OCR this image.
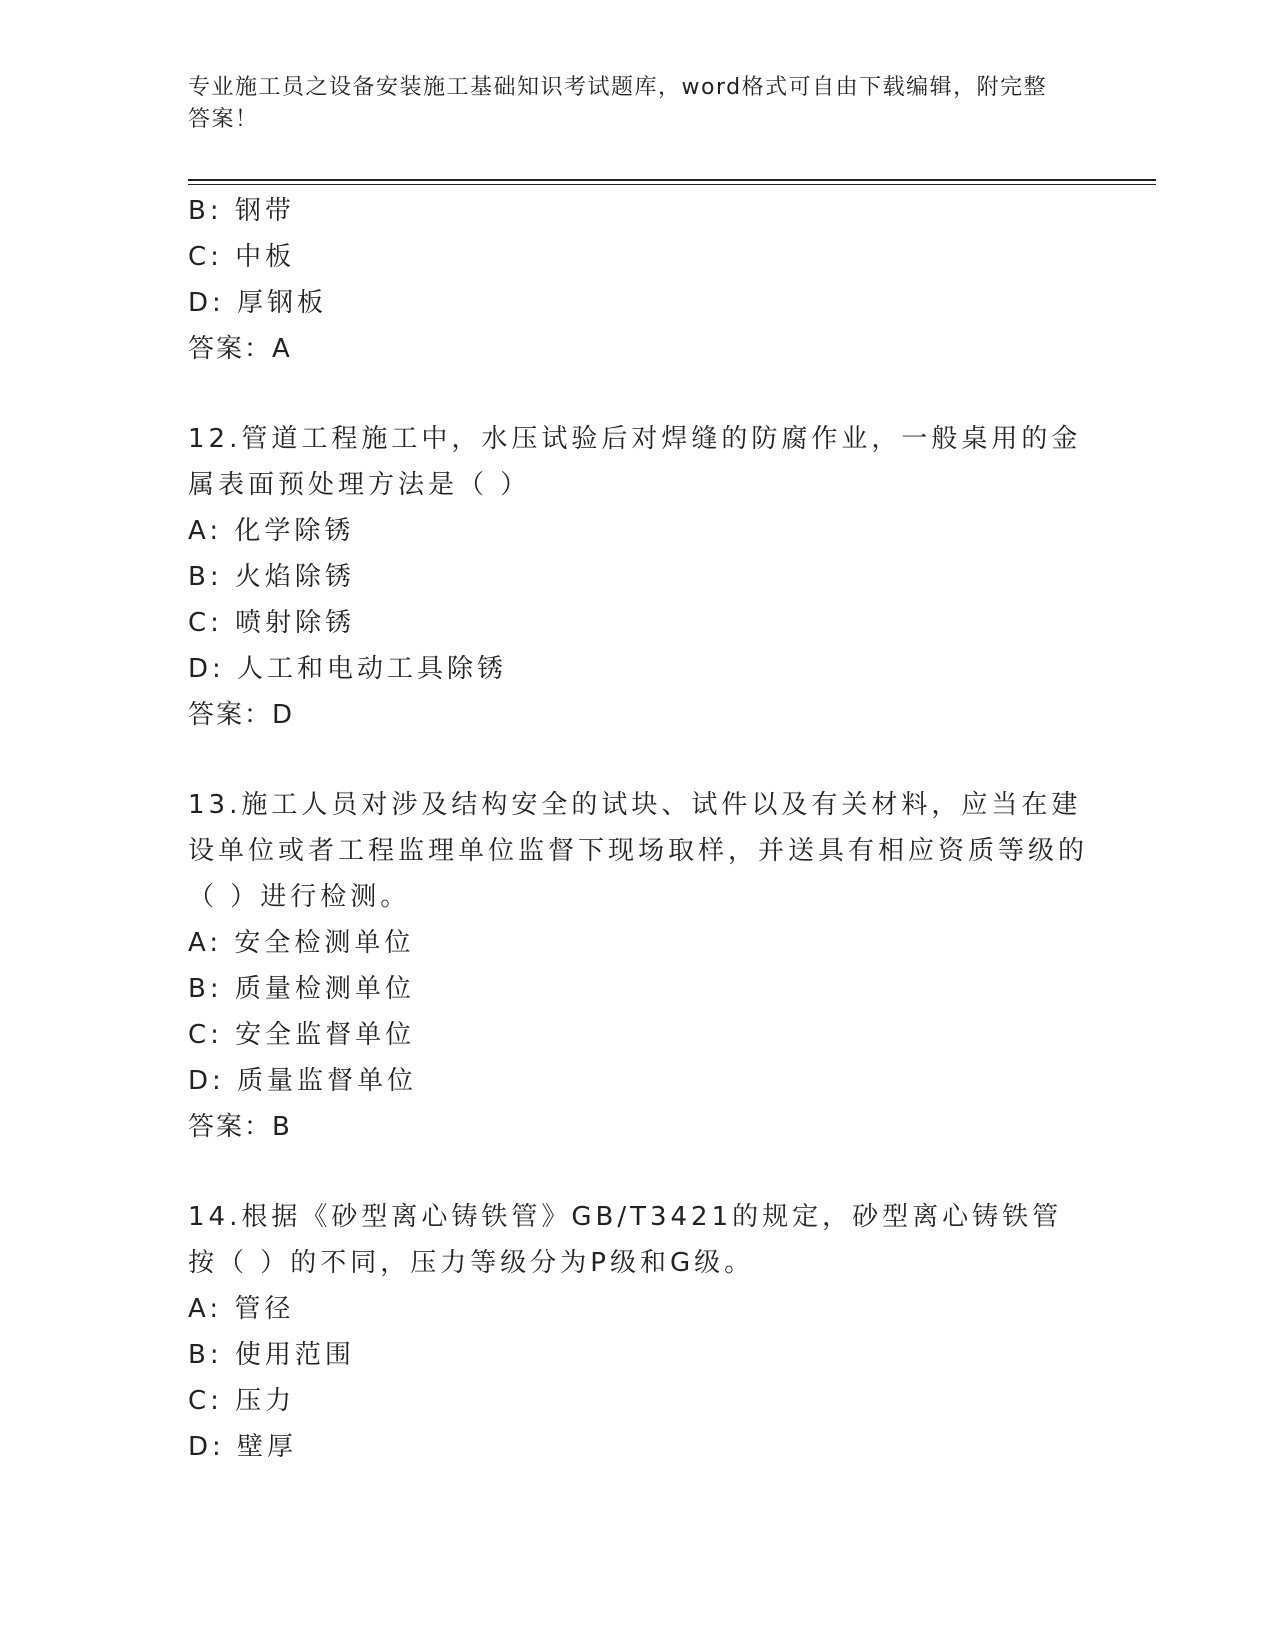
专业施工员之设备安装施工基础知识考试题库，word格式可自由下载编辑，附完整答案！
B: 钢带
C: 中板
D: 厚钢板
答案：A
12.管道工程施工中，水压试验后对焊缝的防腐作业，一般桌用的金属表面预处理方法是（ ）
A: 化学除锈
B: 火焰除锈
C: 喷射除锈
D: 人工和电动工具除锈
答案：D
13.施工人员对涉及结构安全的试块、试件以及有关材料，应当在建设单位或者工程监理单位监督下现场取样，并送具有相应资质等级的（ ）进行检测。
A: 安全检测单位
B: 质量检测单位
C: 安全监督单位
D: 质量监督单位
答案：B
14.根据《砂型离心铸铁管》GB/T3421的规定，砂型离心铸铁管按（ ）的不同，压力等级分为P级和G级。
A: 管径
B: 使用范围
C: 压力
D: 壁厚
